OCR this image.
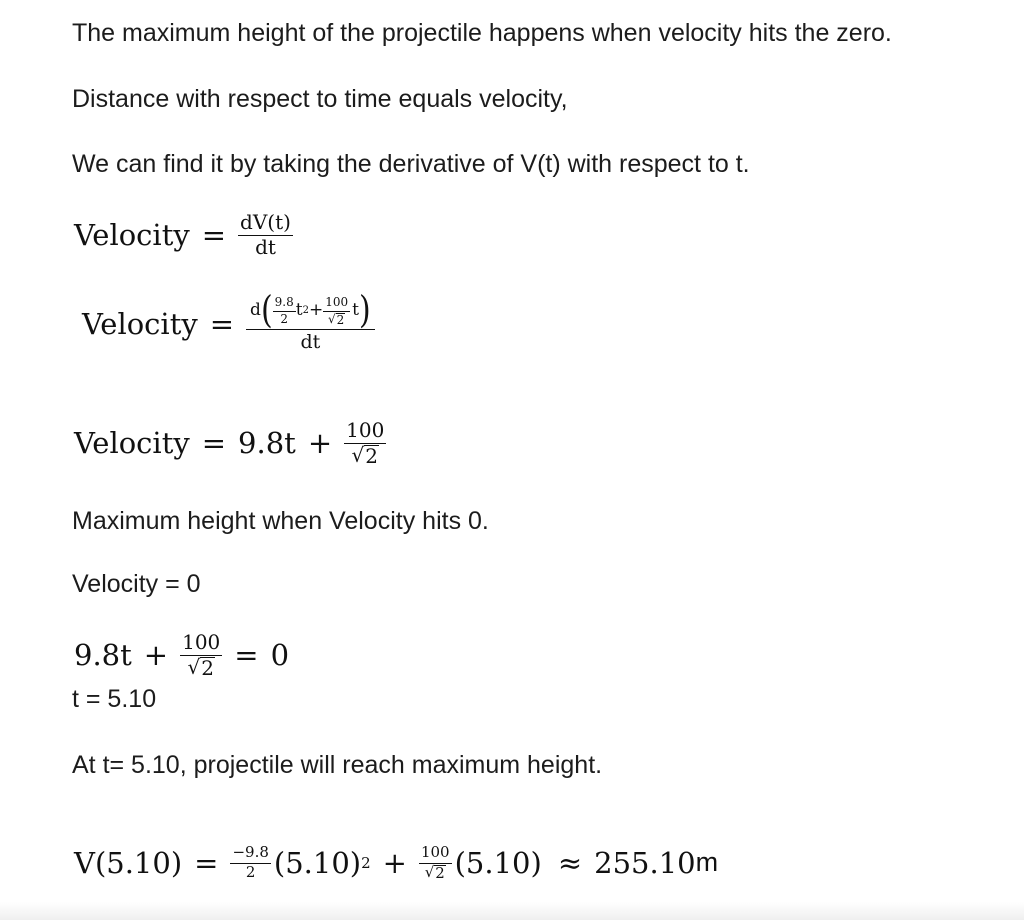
The maximum height of the projectile happens when velocity hits the zero.
Distance with respect to time equals velocity,
We can find it by taking the derivative of V(t) with respect to t.
Velocity = $\frac{dV(t)}{dt}$
Velocity = d ( $\frac{9.8}{2}$ t $2 + \frac{100}{√ 2}$ t )
dt
Velocity = $9.8t + \frac{100}{√ 2}$
Maximum height when Velocity hits 0.
Velocity = 0
$9.8t + \frac{100}{√ 2} = 0$
t = 5.10
At t= 5.10, projectile will reach maximum height.
$V(5.10) = \frac{-9.8}{2} (5.10) 2 + \frac{100}{√ 2} (5.10) \approx 255.10$ m
